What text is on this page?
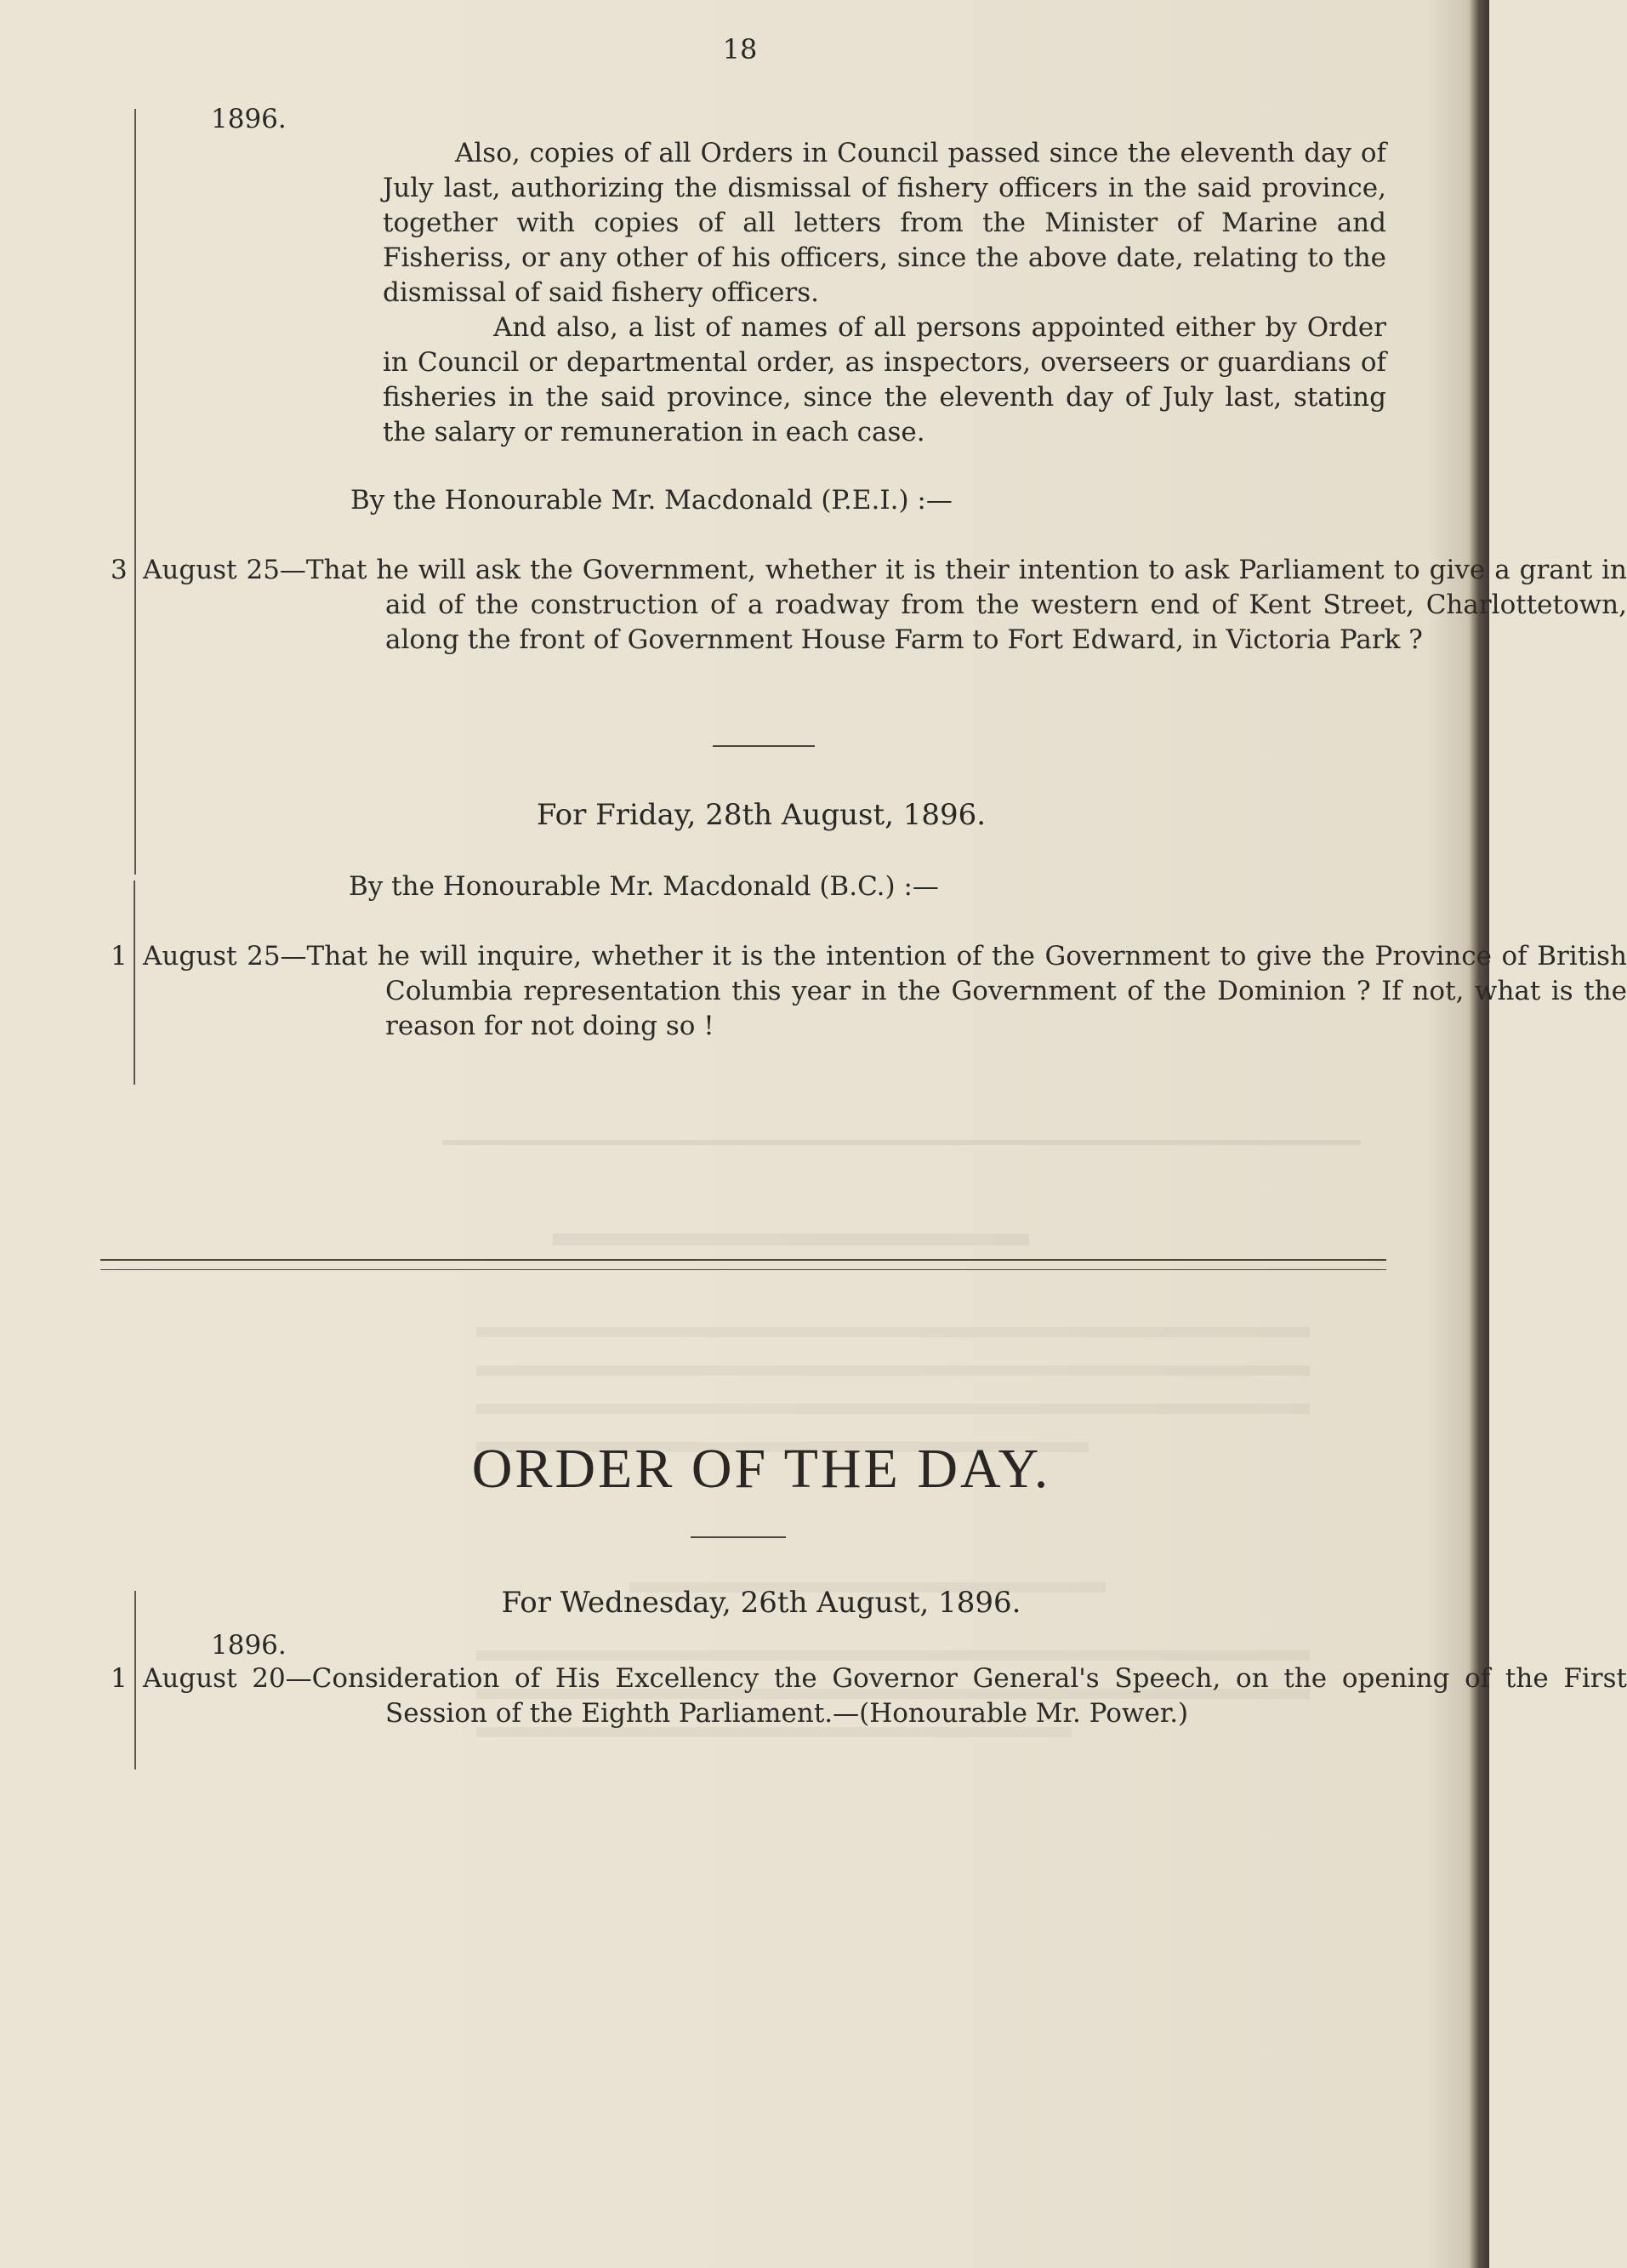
18
1896.
Also, copies of all Orders in Council passed since the eleventh day of July last, authorizing the dismissal of fishery officers in the said province, together with copies of all letters from the Minister of Marine and Fisheriss, or any other of his officers, since the above date, relating to the dismissal of said fishery officers.
And also, a list of names of all persons appointed either by Order in Council or departmental order, as inspectors, overseers or guardians of fisheries in the said province, since the eleventh day of July last, stating the salary or remuneration in each case.
By the Honourable Mr. Macdonald (P.E.I.) :—
3 August 25—That he will ask the Government, whether it is their intention to ask Parliament to give a grant in aid of the construction of a roadway from the western end of Kent Street, Charlottetown, along the front of Government House Farm to Fort Edward, in Victoria Park ?
For Friday, 28th August, 1896.
By the Honourable Mr. Macdonald (B.C.) :—
1 August 25—That he will inquire, whether it is the intention of the Government to give the Province of British Columbia representation this year in the Government of the Dominion ? If not, what is the reason for not doing so !
ORDER OF THE DAY.
For Wednesday, 26th August, 1896.
1896.
1 August 20—Consideration of His Excellency the Governor General's Speech, on the opening of the First Session of the Eighth Parliament.—(Honourable Mr. Power.)
